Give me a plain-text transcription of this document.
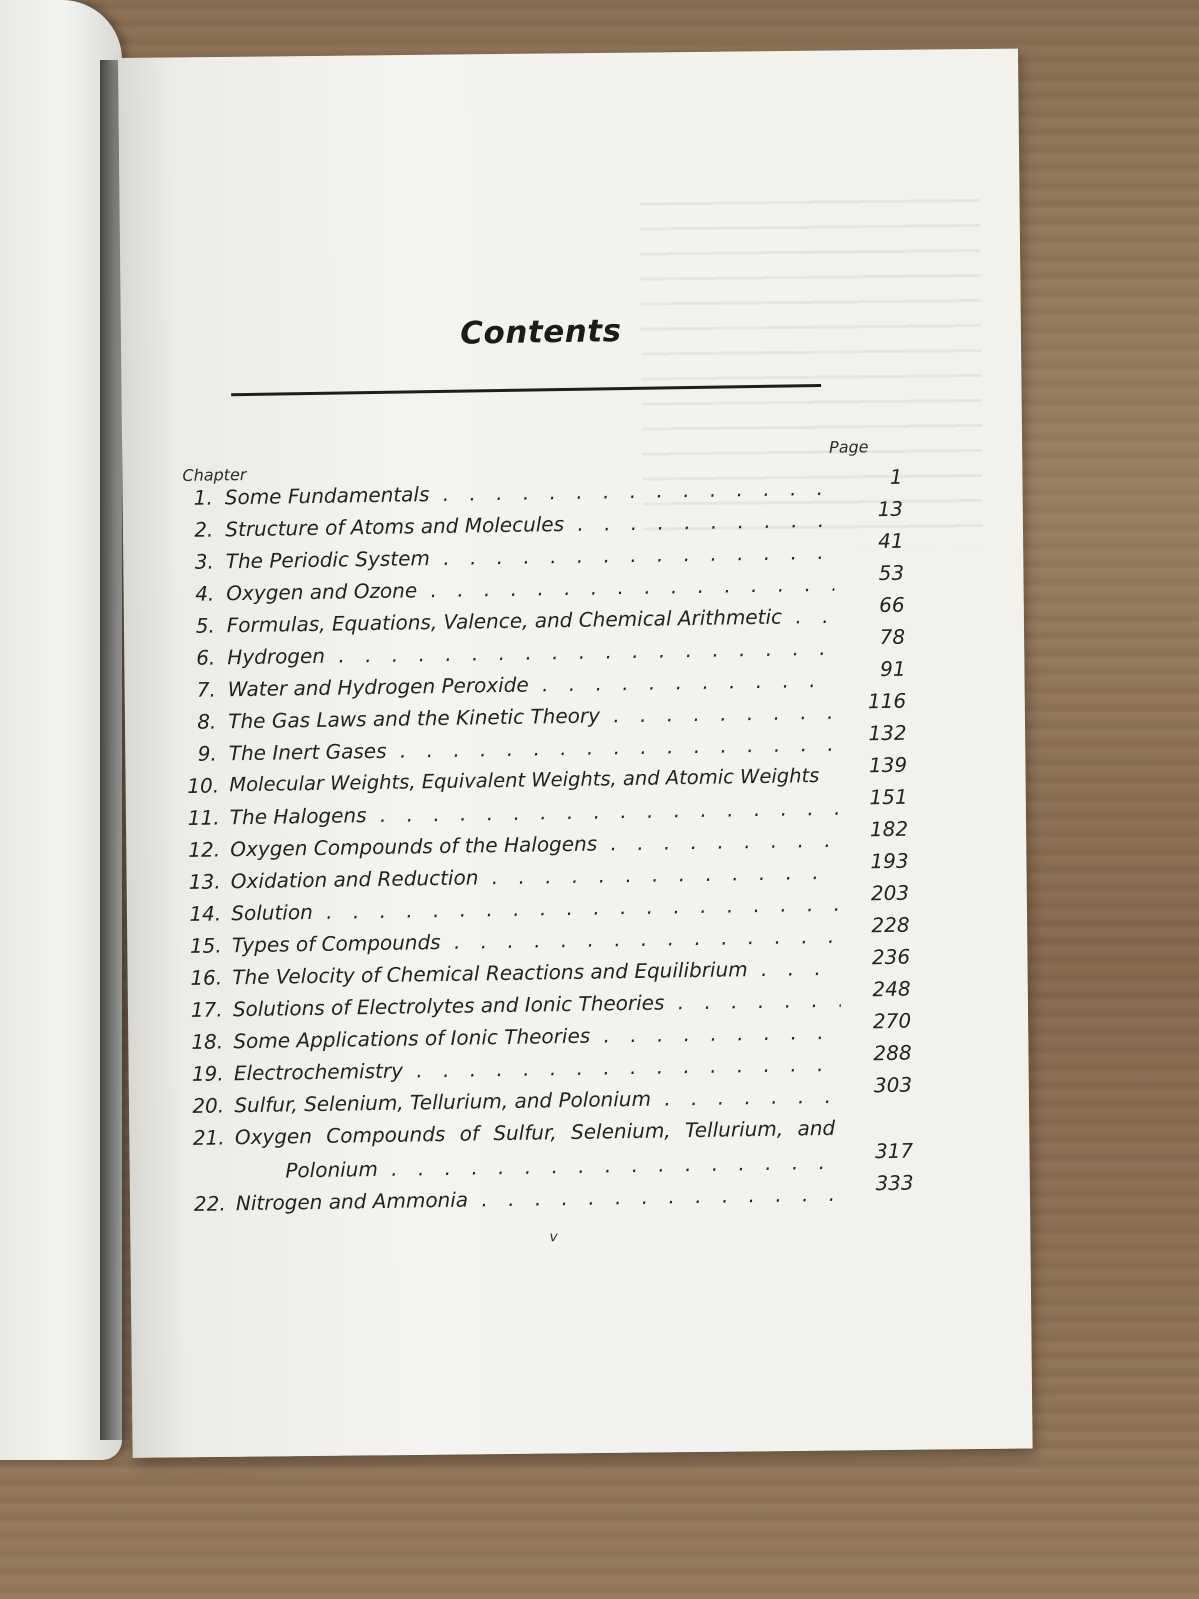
Contents
Chapter
Page
1. Some Fundamentals . . .
1
2. Structure of Atoms and Molecules . . .
13
3. The Periodic System . . .
41
4. Oxygen and Ozone . . .
53
5. Formulas, Equations, Valence, and Chemical Arithmetic . . .	66
6. Hydrogen . . .
78
7. Water and Hydrogen Peroxide . . .
91
8. The Gas Laws and the Kinetic Theory . . .
116
9. The Inert Gases . . .
132
10. Molecular Weights, Equivalent Weights, and Atomic Weights	139
11. The Halogens . . .
151
12. Oxygen Compounds of the Halogens . . .
182
13. Oxidation and Reduction . . .
193
14. Solution . . .
203
15. Types of Compounds . . .
228
16. The Velocity of Chemical Reactions and Equilibrium . . .
236
17. Solutions of Electrolytes and Ionic Theories . . .
248
18. Some Applications of Ionic Theories . . .
270
19. Electrochemistry . . .
288
20. Sulfur, Selenium, Tellurium, and Polonium . . .
303
21. Oxygen Compounds of Sulfur, Selenium, Tellurium, and
Polonium . . .
317
22. Nitrogen and Ammonia . . .
333
v
